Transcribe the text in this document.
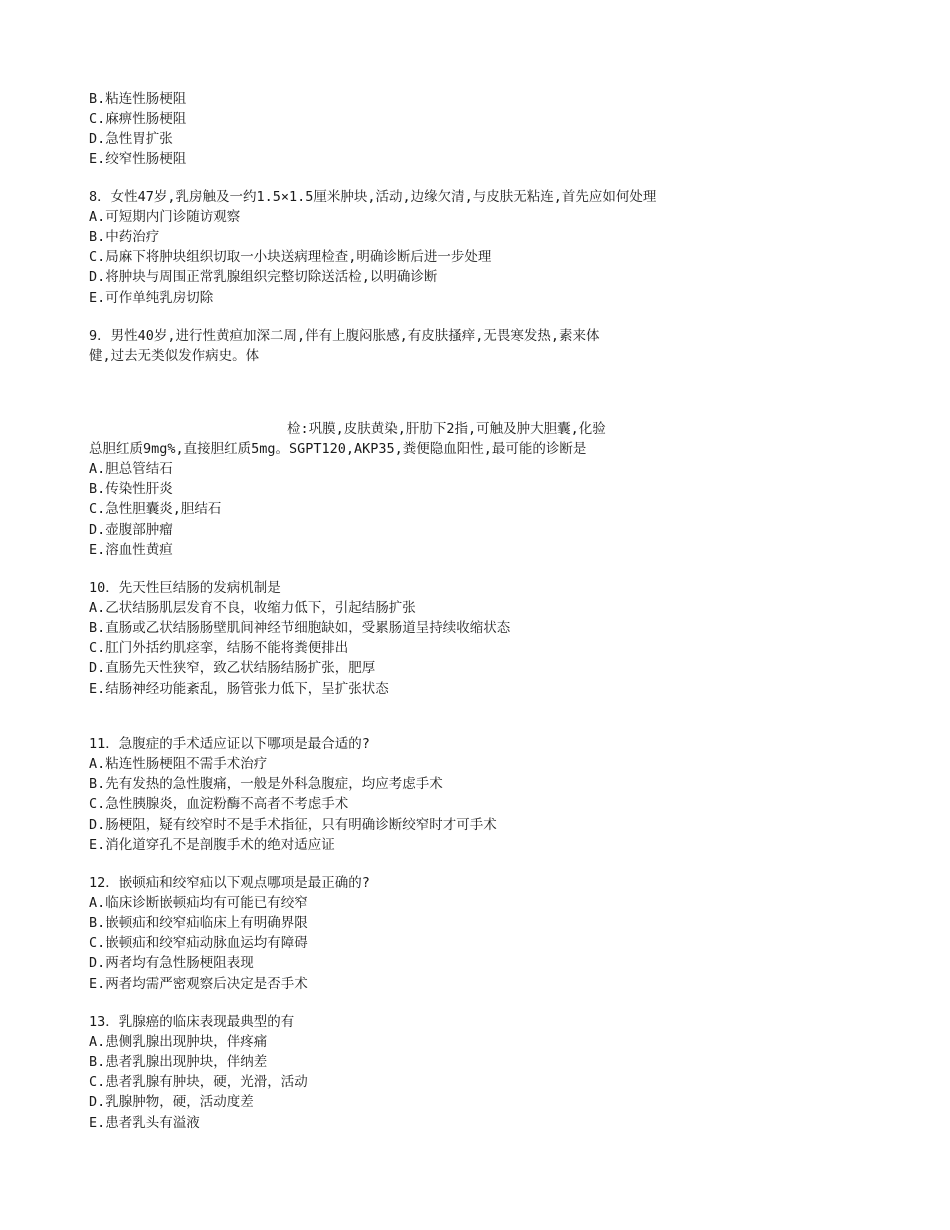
B.粘连性肠梗阻
C.麻痹性肠梗阻
D.急性胃扩张
E.绞窄性肠梗阻
8．女性47岁,乳房触及一约1.5×1.5厘米肿块,活动,边缘欠清,与皮肤无粘连,首先应如何处理
A.可短期内门诊随访观察
B.中药治疗
C.局麻下将肿块组织切取一小块送病理检查,明确诊断后进一步处理
D.将肿块与周围正常乳腺组织完整切除送活检,以明确诊断
E.可作单纯乳房切除
9．男性40岁,进行性黄疸加深二周,伴有上腹闷胀感,有皮肤搔痒,无畏寒发热,素来体
健,过去无类似发作病史。体
检:巩膜,皮肤黄染,肝肋下2指,可触及肿大胆囊,化验
总胆红质9mg%,直接胆红质5mg。SGPT120,AKP35,粪便隐血阳性,最可能的诊断是
A.胆总管结石
B.传染性肝炎
C.急性胆囊炎,胆结石
D.壶腹部肿瘤
E.溶血性黄疸
10．先天性巨结肠的发病机制是
A.乙状结肠肌层发育不良，收缩力低下，引起结肠扩张
B.直肠或乙状结肠肠壁肌间神经节细胞缺如，受累肠道呈持续收缩状态
C.肛门外括约肌痉挛，结肠不能将粪便排出
D.直肠先天性狭窄，致乙状结肠结肠扩张，肥厚
E.结肠神经功能紊乱，肠管张力低下，呈扩张状态
11．急腹症的手术适应证以下哪项是最合适的?
A.粘连性肠梗阻不需手术治疗
B.先有发热的急性腹痛，一般是外科急腹症，均应考虑手术
C.急性胰腺炎，血淀粉酶不高者不考虑手术
D.肠梗阻，疑有绞窄时不是手术指征，只有明确诊断绞窄时才可手术
E.消化道穿孔不是剖腹手术的绝对适应证
12．嵌顿疝和绞窄疝以下观点哪项是最正确的?
A.临床诊断嵌顿疝均有可能已有绞窄
B.嵌顿疝和绞窄疝临床上有明确界限
C.嵌顿疝和绞窄疝动脉血运均有障碍
D.两者均有急性肠梗阻表现
E.两者均需严密观察后决定是否手术
13．乳腺癌的临床表现最典型的有
A.患侧乳腺出现肿块，伴疼痛
B.患者乳腺出现肿块，伴纳差
C.患者乳腺有肿块，硬，光滑，活动
D.乳腺肿物，硬，活动度差
E.患者乳头有溢液
